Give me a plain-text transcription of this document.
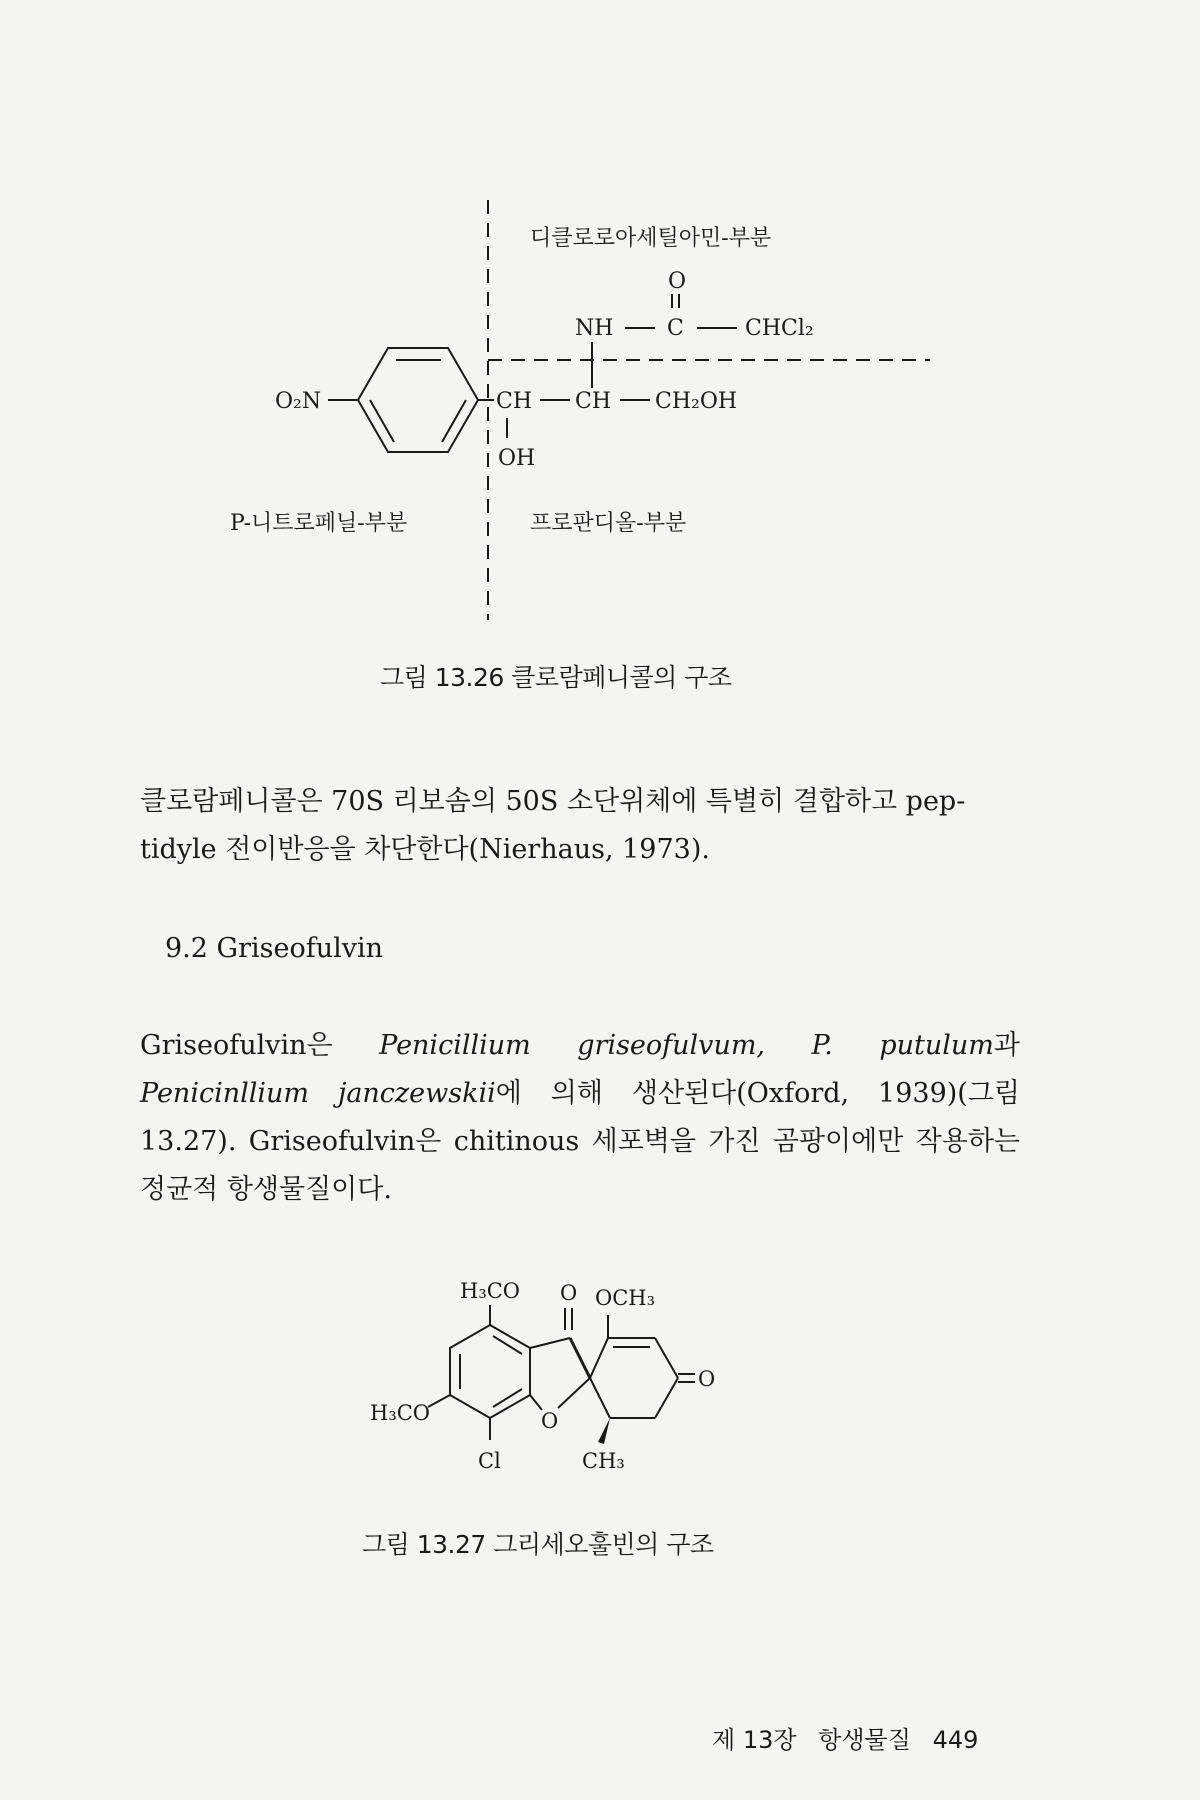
디클로로아세틸아민-부분
O
NH C	CHCl₂
O₂N	CH CH CH₂OH
OH
P-니트로페닐-부분	프로판디올-부분
그림 13.26 클로람페니콜의 구조
클로람페니콜은 70S 리보솜의 50S 소단위체에 특별히 결합하고 pep-
tidyle 전이반응을 차단한다(Nierhaus, 1973).
9.2 Griseofulvin
Griseofulvin은 Penicillium griseofulvum, P. putulum과 Penicinllium janczewskii에 의해 생산된다(Oxford, 1939)(그림 13.27). Griseofulvin은 chitinous 세포벽을 가진 곰팡이에만 작용하는 정균적 항생물질이다.
O
O
OCH₃
CH₃
O
H₃CO
H₃CO
Cl
그림 13.27 그리세오훌빈의 구조
제 13장 항생물질 449
